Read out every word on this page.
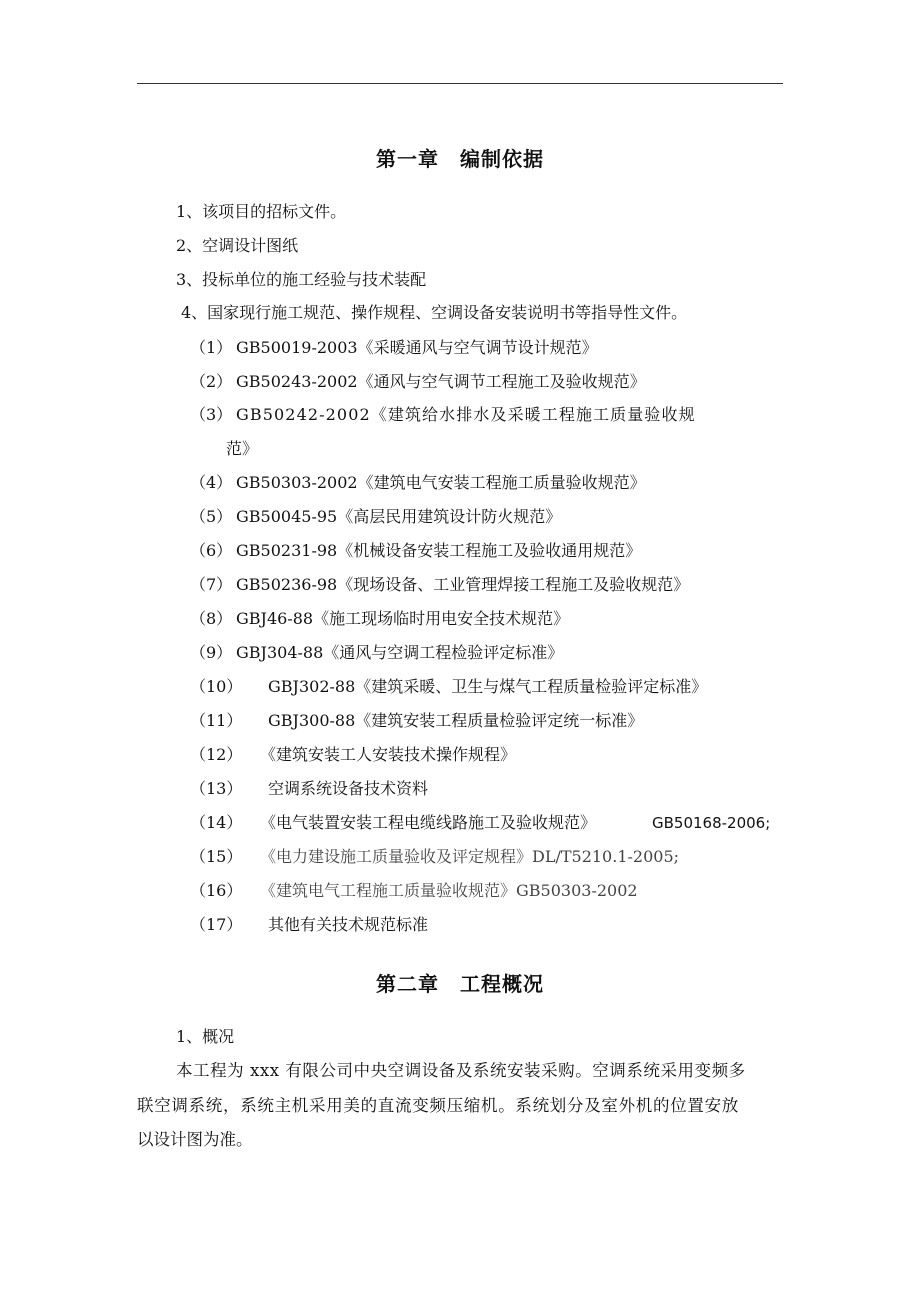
第一章　编制依据
1、该项目的招标文件。
2、空调设计图纸
3、投标单位的施工经验与技术装配
4、国家现行施工规范、操作规程、空调设备安装说明书等指导性文件。
（1） GB50019-2003《采暖通风与空气调节设计规范》
（2） GB50243-2002《通风与空气调节工程施工及验收规范》
（3） GB50242-2002《建筑给水排水及采暖工程施工质量验收规
范》
（4） GB50303-2002《建筑电气安装工程施工质量验收规范》
（5） GB50045-95《高层民用建筑设计防火规范》
（6） GB50231-98《机械设备安装工程施工及验收通用规范》
（7） GB50236-98《现场设备、工业管理焊接工程施工及验收规范》
（8） GBJ46-88《施工现场临时用电安全技术规范》
（9） GBJ304-88《通风与空调工程检验评定标准》
（10） GBJ302-88《建筑采暖、卫生与煤气工程质量检验评定标准》
（11） GBJ300-88《建筑安装工程质量检验评定统一标准》
（12） 《建筑安装工人安装技术操作规程》
（13） 空调系统设备技术资料
（14） 《电气装置安装工程电缆线路施工及验收规范》	GB50168-2006;
（15） 《电力建设施工质量验收及评定规程》DL/T5210.1-2005;
（16） 《建筑电气工程施工质量验收规范》GB50303-2002
（17） 其他有关技术规范标准
第二章　工程概况
1、概况
本工程为 xxx 有限公司中央空调设备及系统安装采购。空调系统采用变频多
联空调系统，系统主机采用美的直流变频压缩机。系统划分及室外机的位置安放
以设计图为准。
